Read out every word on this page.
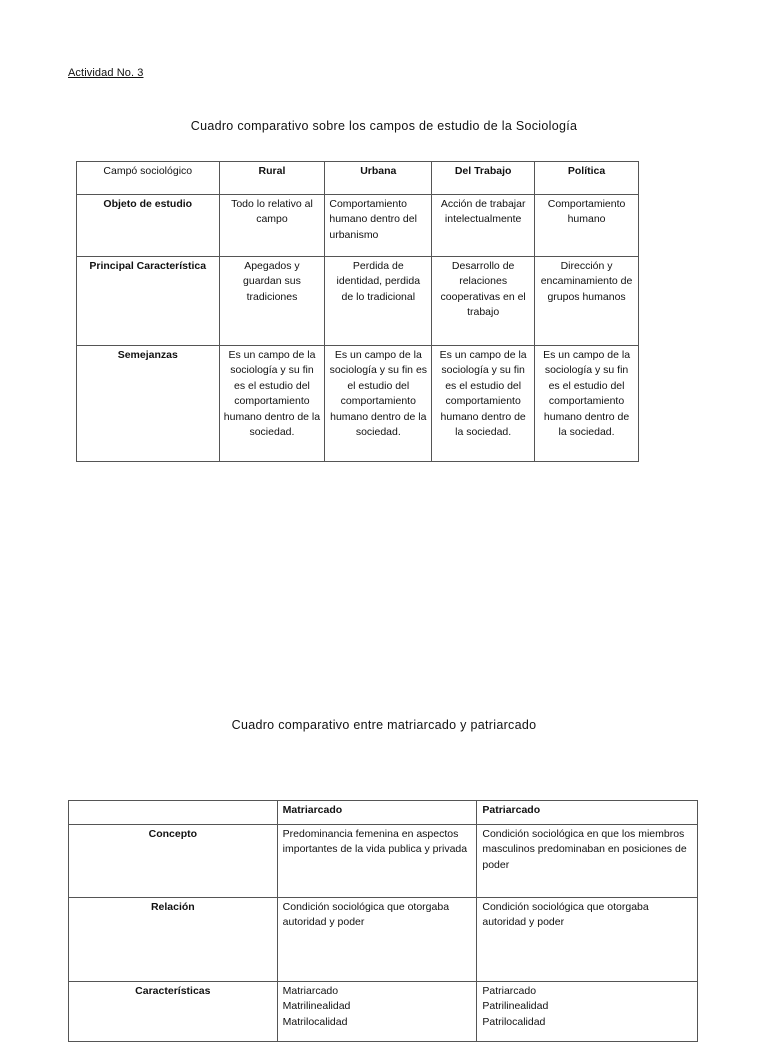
Actividad No. 3
Cuadro comparativo sobre los campos de estudio de la Sociología
Campó sociológico	Rural	Urbana	Del Trabajo	Política
Objeto de estudio	Todo lo relativo al campo	Comportamiento humano dentro del urbanismo	Acción de trabajar intelectualmente	Comportamiento humano
Principal Característica	Apegados y guardan sus tradiciones	Perdida de identidad, perdida de lo tradicional	Desarrollo de relaciones cooperativas en el trabajo	Dirección y encaminamiento de grupos humanos
Semejanzas	Es un campo de la sociología y su fin es el estudio del comportamiento humano dentro de la sociedad.	Es un campo de la sociología y su fin es el estudio del comportamiento humano dentro de la sociedad.	Es un campo de la sociología y su fin es el estudio del comportamiento humano dentro de la sociedad.	Es un campo de la sociología y su fin es el estudio del comportamiento humano dentro de la sociedad.
Cuadro comparativo entre matriarcado y patriarcado
	Matriarcado	Patriarcado
Concepto	Predominancia femenina en aspectos importantes de la vida publica y privada	Condición sociológica en que los miembros masculinos predominaban en posiciones de poder
Relación	Condición sociológica que otorgaba autoridad y poder	Condición sociológica que otorgaba autoridad y poder
Características	Matriarcado
Matrilinealidad
Matrilocalidad	Patriarcado
Patrilinealidad
Patrilocalidad
